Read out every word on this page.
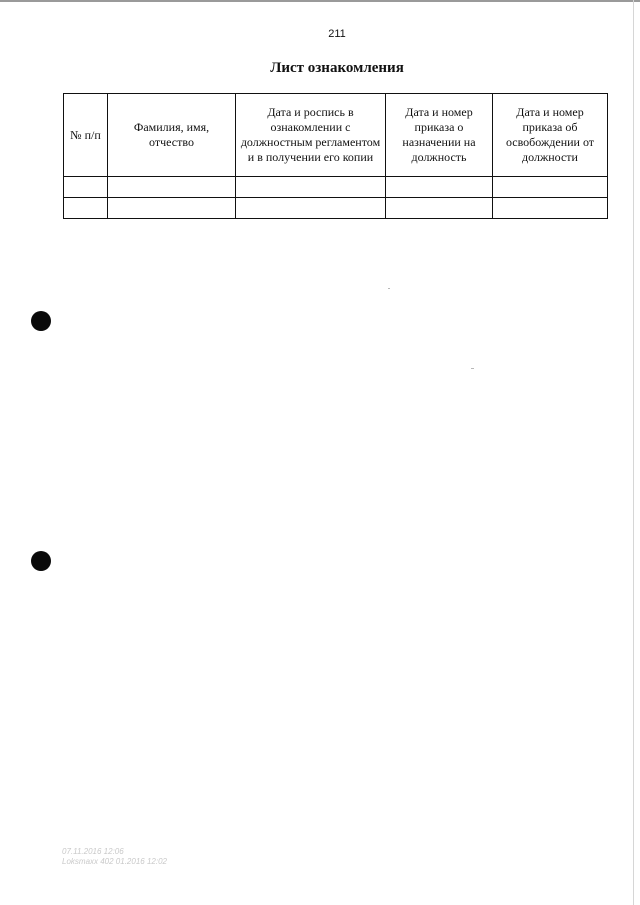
211
Лист ознакомления
№ п/п	Фамилия, имя, отчество	Дата и роспись в ознакомлении с должностным регламентом и в получении его копии	Дата и номер приказа о назначении на должность	Дата и номер приказа об освобождении от должности

07.11.2016 12:06
Loksmaxx 402 01.2016 12:02
